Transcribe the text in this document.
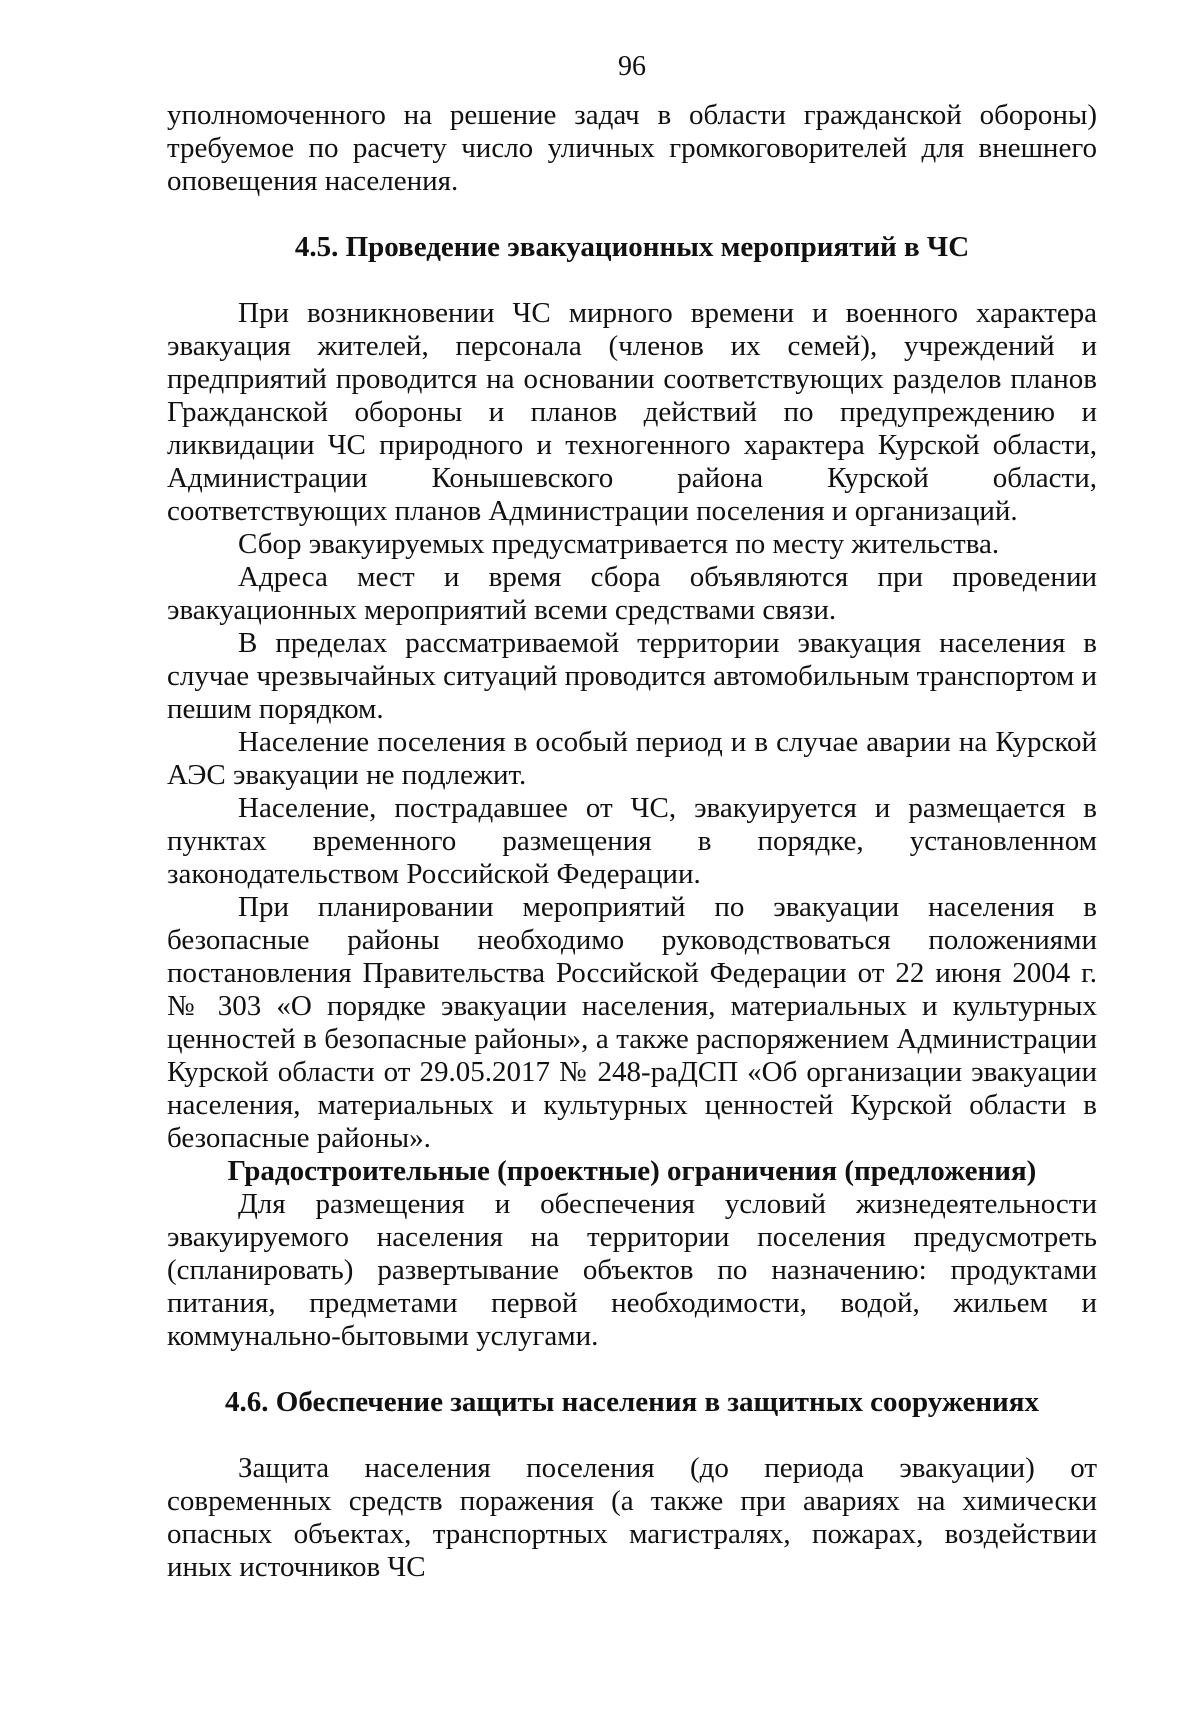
96

уполномоченного на решение задач в области гражданской обороны) требуемое по расчету число уличных громкоговорителей для внешнего оповещения населения.

4.5. Проведение эвакуационных мероприятий в ЧС

При возникновении ЧС мирного времени и военного характера эвакуация жителей, персонала (членов их семей), учреждений и предприятий проводится на основании соответствующих разделов планов Гражданской обороны и планов действий по предупреждению и ликвидации ЧС природного и техногенного характера Курской области, Администрации Конышевского района Курской области, соответствующих планов Администрации поселения и организаций.

Сбор эвакуируемых предусматривается по месту жительства.

Адреса мест и время сбора объявляются при проведении эвакуационных мероприятий всеми средствами связи.

В пределах рассматриваемой территории эвакуация населения в случае чрезвычайных ситуаций проводится автомобильным транспортом и пешим порядком.

Население поселения в особый период и в случае аварии на Курской АЭС эвакуации не подлежит.

Население, пострадавшее от ЧС, эвакуируется и размещается в пунктах временного размещения в порядке, установленном законодательством Российской Федерации.

При планировании мероприятий по эвакуации населения в безопасные районы необходимо руководствоваться положениями постановления Правительства Российской Федерации от 22 июня 2004 г. № 303 «О порядке эвакуации населения, материальных и культурных ценностей в безопасные районы», а также распоряжением Администрации Курской области от 29.05.2017 № 248-раДСП «Об организации эвакуации населения, материальных и культурных ценностей Курской области в безопасные районы».

Градостроительные (проектные) ограничения (предложения)

Для размещения и обеспечения условий жизнедеятельности эвакуируемого населения на территории поселения предусмотреть (спланировать) развертывание объектов по назначению: продуктами питания, предметами первой необходимости, водой, жильем и коммунально-бытовыми услугами.

4.6. Обеспечение защиты населения в защитных сооружениях

Защита населения поселения (до периода эвакуации) от современных средств поражения (а также при авариях на химически опасных объектах, транспортных магистралях, пожарах, воздействии иных источников ЧС
